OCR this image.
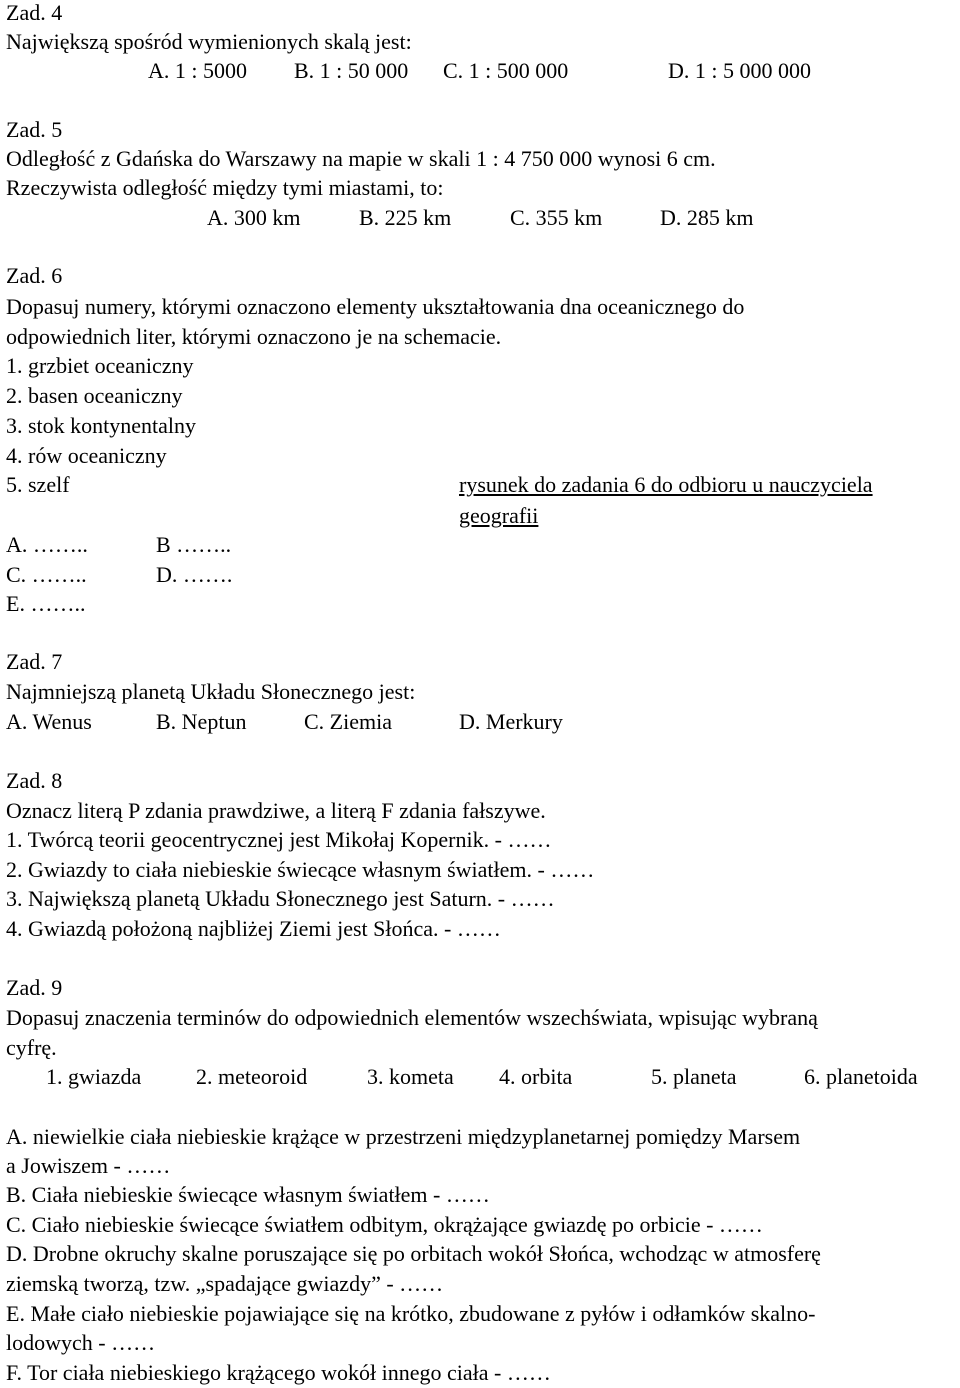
Zad. 4
Największą spośród wymienionych skalą jest:
A. 1 : 5000 B. 1 : 50 000 C. 1 : 500 000	D. 1 : 5 000 000
Zad. 5
Odległość z Gdańska do Warszawy na mapie w skali 1 : 4 750 000 wynosi 6 cm.
Rzeczywista odległość między tymi miastami, to:
A. 300 km	B. 225 km	C. 355 km	D. 285 km
Zad. 6
Dopasuj numery, którymi oznaczono elementy ukształtowania dna oceanicznego do
odpowiednich liter, którymi oznaczono je na schemacie.
1. grzbiet oceaniczny
2. basen oceaniczny
3. stok kontynentalny
4. rów oceaniczny
5. szelf	rysunek do zadania 6 do odbioru u nauczyciela
geografii
A. ……..	B ……..
C. ……..	D. …….
E. ……..
Zad. 7
Najmniejszą planetą Układu Słonecznego jest:
A. Wenus	B. Neptun	C. Ziemia	D. Merkury
Zad. 8
Oznacz literą P zdania prawdziwe, a literą F zdania fałszywe.
1. Twórcą teorii geocentrycznej jest Mikołaj Kopernik. - ……
2. Gwiazdy to ciała niebieskie świecące własnym światłem. - ……
3. Największą planetą Układu Słonecznego jest Saturn. - ……
4. Gwiazdą położoną najbliżej Ziemi jest Słońca. - ……
Zad. 9
Dopasuj znaczenia terminów do odpowiednich elementów wszechświata, wpisując wybraną
cyfrę.
1. gwiazda 2. meteoroid	3. kometa 4. orbita	5. planeta	6. planetoida
A. niewielkie ciała niebieskie krążące w przestrzeni międzyplanetarnej pomiędzy Marsem
a Jowiszem - ……
B. Ciała niebieskie świecące własnym światłem - ……
C. Ciało niebieskie świecące światłem odbitym, okrążające gwiazdę po orbicie - ……
D. Drobne okruchy skalne poruszające się po orbitach wokół Słońca, wchodząc w atmosferę
ziemską tworzą, tzw. „spadające gwiazdy” - ……
E. Małe ciało niebieskie pojawiające się na krótko, zbudowane z pyłów i odłamków skalno-
lodowych - ……
F. Tor ciała niebieskiego krążącego wokół innego ciała - ……
